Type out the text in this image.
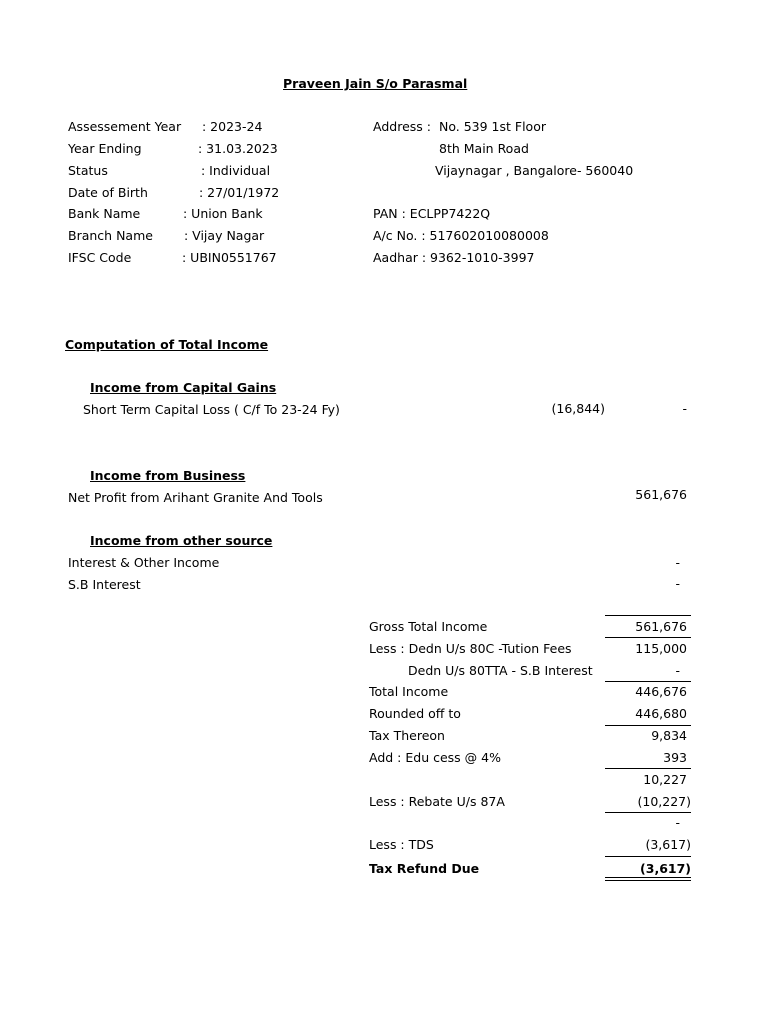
Praveen Jain S/o Parasmal
Assessement Year : 2023-24
Year Ending	: 31.03.2023
Status	: Individual
Date of Birth	: 27/01/1972
Bank Name	: Union Bank
Branch Name : Vijay Nagar
IFSC Code	: UBIN0551767
Address : No. 539 1st Floor
8th Main Road
Vijaynagar , Bangalore- 560040
PAN : ECLPP7422Q
A/c No. : 517602010080008
Aadhar : 9362-1010-3997
Computation of Total Income
Income from Capital Gains
Short Term Capital Loss ( C/f To 23-24 Fy)	(16,844)	-
Income from Business
Net Profit from Arihant Granite And Tools	561,676
Income from other source
Interest & Other Income	-
S.B Interest	-
Gross Total Income	561,676
Less : Dedn U/s 80C -Tution Fees	115,000
Dedn U/s 80TTA - S.B Interest	-
Total Income	446,676
Rounded off to	446,680
Tax Thereon	9,834
Add : Edu cess @ 4%	393
10,227
Less : Rebate U/s 87A	(10,227)
-
Less : TDS	(3,617)
Tax Refund Due	(3,617)
